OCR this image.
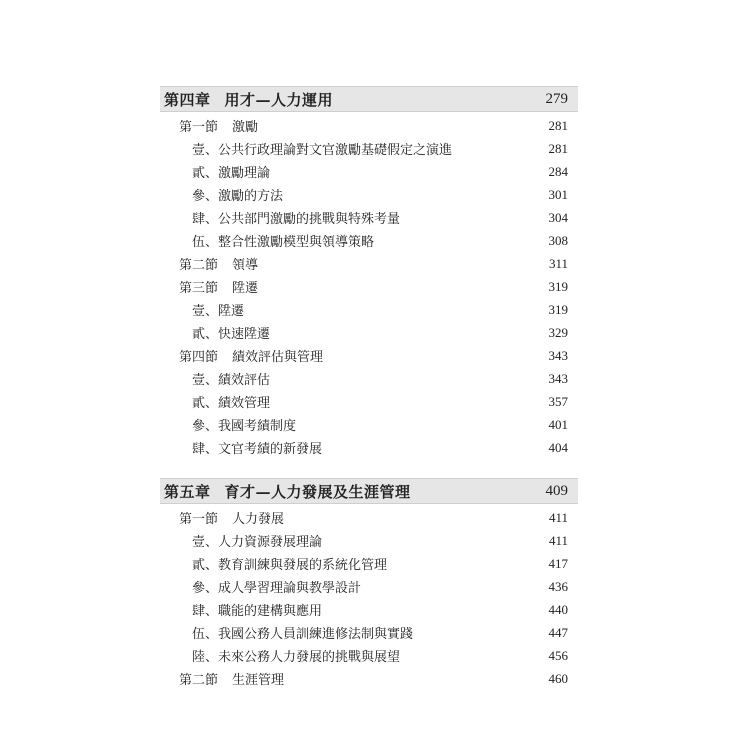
第四章 用才—人力運用	279
第一節 激勵	281
壹、公共行政理論對文官激勵基礎假定之演進	281
貳、激勵理論	284
參、激勵的方法	301
肆、公共部門激勵的挑戰與特殊考量	304
伍、整合性激勵模型與領導策略	308
第二節 領導	311
第三節 陞遷	319
壹、陞遷	319
貳、快速陞遷	329
第四節 績效評估與管理	343
壹、績效評估	343
貳、績效管理	357
參、我國考績制度	401
肆、文官考績的新發展	404
第五章 育才—人力發展及生涯管理	409
第一節 人力發展	411
壹、人力資源發展理論	411
貳、教育訓練與發展的系統化管理	417
參、成人學習理論與教學設計	436
肆、職能的建構與應用	440
伍、我國公務人員訓練進修法制與實踐	447
陸、未來公務人力發展的挑戰與展望	456
第二節 生涯管理	460
